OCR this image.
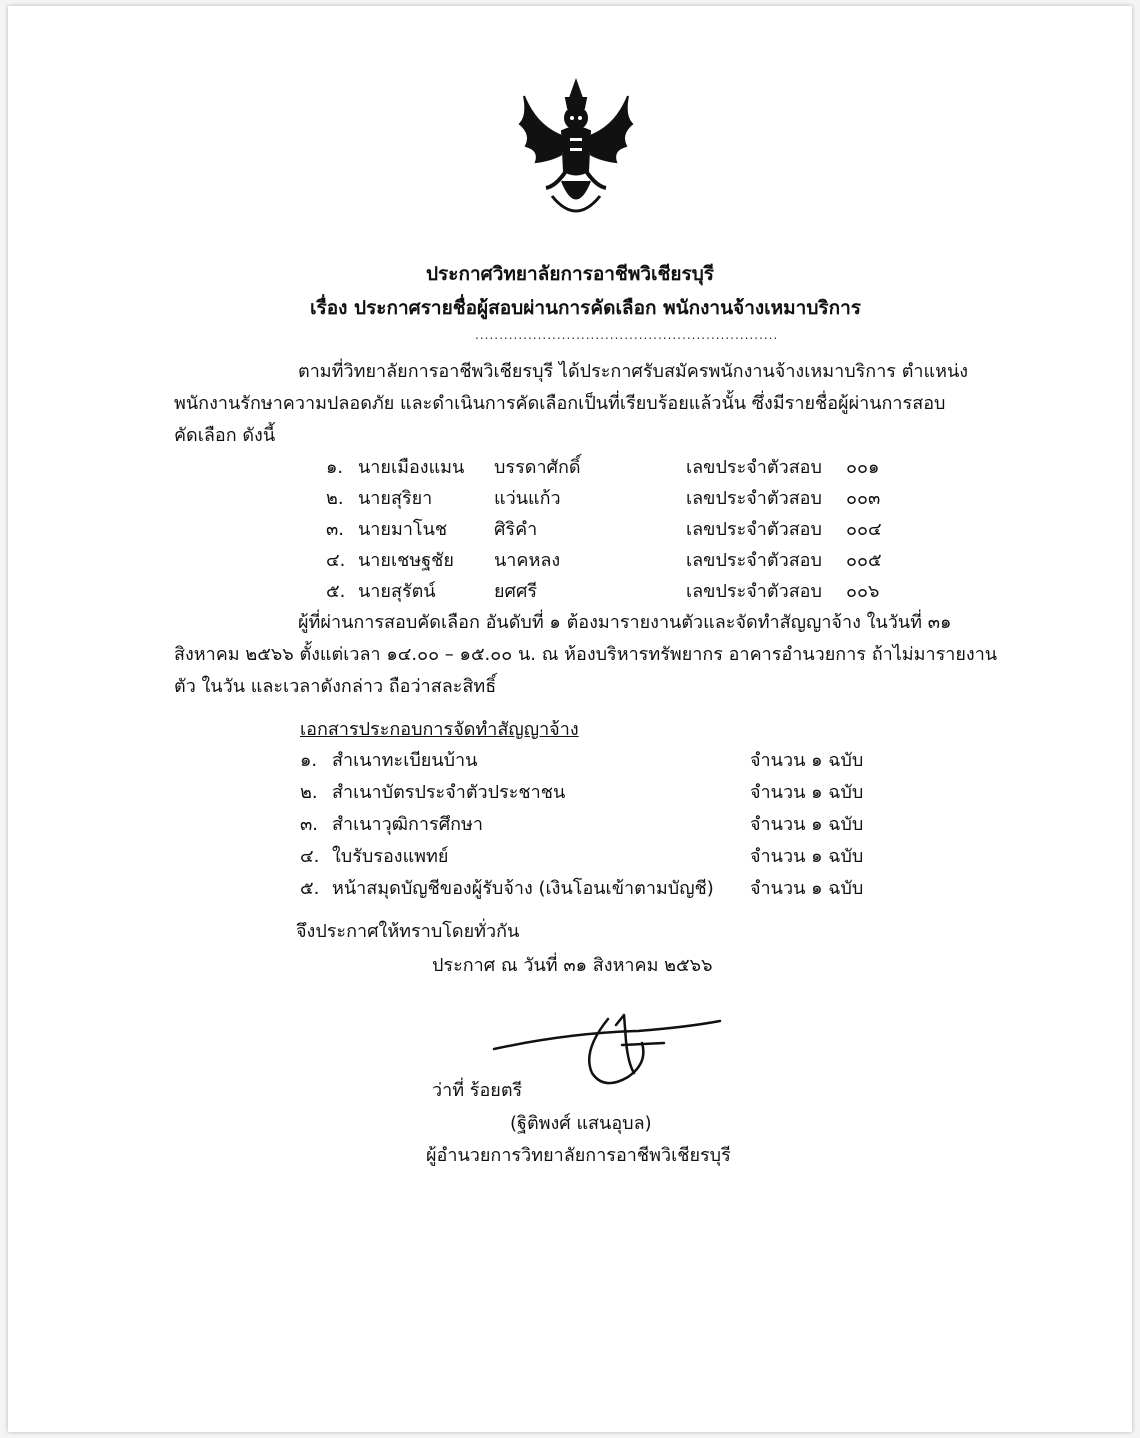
ประกาศวิทยาลัยการอาชีพวิเชียรบุรี
เรื่อง ประกาศรายชื่อผู้สอบผ่านการคัดเลือก พนักงานจ้างเหมาบริการ
...............................................................
ตามที่วิทยาลัยการอาชีพวิเชียรบุรี ได้ประกาศรับสมัครพนักงานจ้างเหมาบริการ ตำแหน่ง
พนักงานรักษาความปลอดภัย และดำเนินการคัดเลือกเป็นที่เรียบร้อยแล้วนั้น ซึ่งมีรายชื่อผู้ผ่านการสอบ
คัดเลือก ดังนี้
๑. นายเมืองแมน บรรดาศักดิ์	เลขประจำตัวสอบ ๐๐๑
๒. นายสุริยา	แว่นแก้ว	เลขประจำตัวสอบ ๐๐๓
๓. นายมาโนช	ศิริคำ	เลขประจำตัวสอบ ๐๐๔
๔. นายเชษฐชัย นาคหลง	เลขประจำตัวสอบ ๐๐๕
๕. นายสุรัตน์	ยศศรี	เลขประจำตัวสอบ ๐๐๖
ผู้ที่ผ่านการสอบคัดเลือก อันดับที่ ๑ ต้องมารายงานตัวและจัดทำสัญญาจ้าง ในวันที่ ๓๑
สิงหาคม ๒๕๖๖ ตั้งแต่เวลา ๑๔.๐๐ – ๑๕.๐๐ น. ณ ห้องบริหารทรัพยากร อาคารอำนวยการ ถ้าไม่มารายงาน
ตัว ในวัน และเวลาดังกล่าว ถือว่าสละสิทธิ์
เอกสารประกอบการจัดทำสัญญาจ้าง
๑. สำเนาทะเบียนบ้าน	จำนวน ๑ ฉบับ
๒. สำเนาบัตรประจำตัวประชาชน	จำนวน ๑ ฉบับ
๓. สำเนาวุฒิการศึกษา	จำนวน ๑ ฉบับ
๔. ใบรับรองแพทย์	จำนวน ๑ ฉบับ
๕. หน้าสมุดบัญชีของผู้รับจ้าง (เงินโอนเข้าตามบัญชี) จำนวน ๑ ฉบับ
จึงประกาศให้ทราบโดยทั่วกัน
ประกาศ ณ วันที่ ๓๑ สิงหาคม ๒๕๖๖
ว่าที่ ร้อยตรี
(ฐิติพงศ์ แสนอุบล)
ผู้อำนวยการวิทยาลัยการอาชีพวิเชียรบุรี
